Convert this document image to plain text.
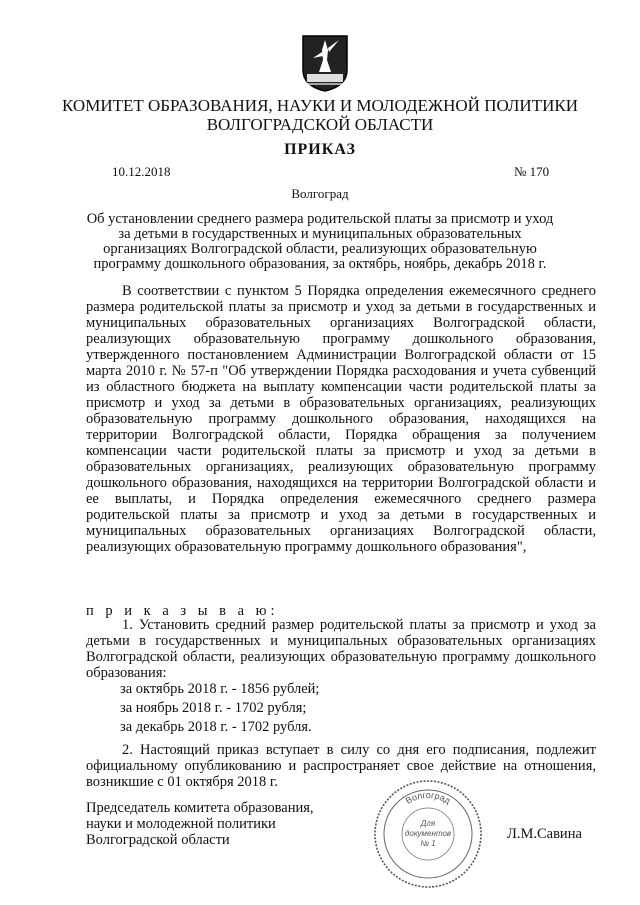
КОМИТЕТ ОБРАЗОВАНИЯ, НАУКИ И МОЛОДЕЖНОЙ ПОЛИТИКИ
ВОЛГОГРАДСКОЙ ОБЛАСТИ
ПРИКАЗ
10.12.2018	№ 170
Волгоград
Об установлении среднего размера родительской платы за присмотр и уход
за детьми в государственных и муниципальных образовательных
организациях Волгоградской области, реализующих образовательную
программу дошкольного образования, за октябрь, ноябрь, декабрь 2018 г.
В соответствии с пунктом 5 Порядка определения ежемесячного среднего размера родительской платы за присмотр и уход за детьми в государственных и муниципальных образовательных организациях Волгоградской области, реализующих образовательную программу дошкольного образования, утвержденного постановлением Администрации Волгоградской области от 15 марта 2010 г. № 57-п "Об утверждении Порядка расходования и учета субвенций из областного бюджета на выплату компенсации части родительской платы за присмотр и уход за детьми в образовательных организациях, реализующих образовательную программу дошкольного образования, находящихся на территории Волгоградской области, Порядка обращения за получением компенсации части родительской платы за присмотр и уход за детьми в образовательных организациях, реализующих образовательную программу дошкольного образования, находящихся на территории Волгоградской области и ее выплаты, и Порядка определения ежемесячного среднего размера родительской платы за присмотр и уход за детьми в государственных и муниципальных образовательных организациях Волгоградской области, реализующих образовательную программу дошкольного образования",
п р и к а з ы в а ю:
1. Установить средний размер родительской платы за присмотр и уход за детьми в государственных и муниципальных образовательных организациях Волгоградской области, реализующих образовательную программу дошкольного образования:
за октябрь 2018 г. - 1856 рублей;
за ноябрь 2018 г. - 1702 рубля;
за декабрь 2018 г. - 1702 рубля.
2. Настоящий приказ вступает в силу со дня его подписания, подлежит официальному опубликованию и распространяет свое действие на отношения, возникшие с 01 октября 2018 г.
Председатель комитета образования,
науки и молодежной политики
Волгоградской области
Волгоград
Для
документов
№ 1
Л.М.Савина
